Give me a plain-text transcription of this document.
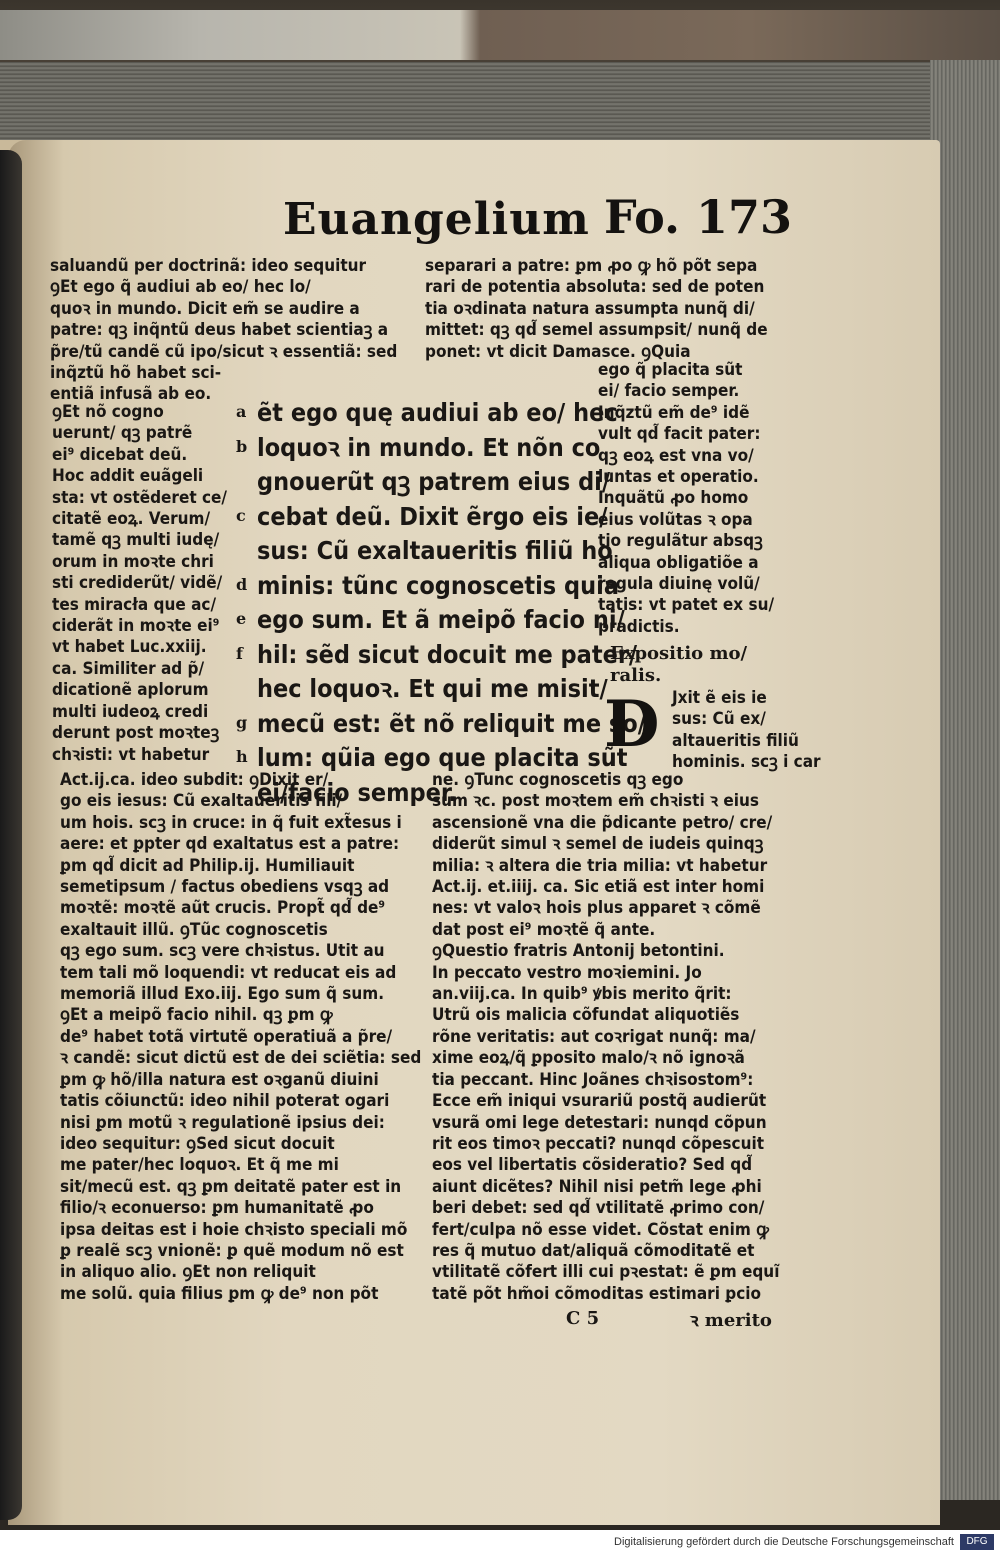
Euangelium Fo. 173
saluandũ per doctrinã: ideo sequitur
ꝯEt ego q̃ audiui ab eo/ hec lo/
quoꝛ in mundo. Dicit em̃ se audire a
patre: qꝫ inq̃ntũ deus habet scientiaꝫ a
p̃re/tũ candẽ cũ ipo/sicut ꝛ essentiã: sed
inq̃ztũ hõ habet sci-
entiã infusã ab eo.
ꝯEt nõ cogno
uerunt/ qꝫ patrẽ
ei⁹ dicebat deũ.
Hoc addit euãgeli
sta: vt ostẽderet ce/
citatẽ eoꝝ. Verum/
tamẽ qꝫ multi iudę/
orum in moꝛte chri
sti crediderũt/ vidẽ/
tes miracła que ac/
ciderãt in moꝛte ei⁹
vt habet Luc.xxiij.
ca. Similiter ad p̃/
dicationẽ aplorum
multi iudeoꝝ credi
derunt post moꝛteꝫ
chꝛisti: vt habetur
Act.ij.ca. ideo subdit: ꝯDixit er/
go eis iesus: Cũ exaltaueritis fili/
um hois. scꝫ in cruce: in q̃ fuit ext̃esus i
aere: et ꝑpter qd exaltatus est a patre:
ꝑm qd̃ dicit ad Philip.ij. Humiliauit
semetipsum / factus obediens vsqꝫ ad
moꝛtẽ: moꝛtẽ aũt crucis. Propt̃ qd̃ de⁹
exaltauit illũ. ꝯTũc cognoscetis
qꝫ ego sum. scꝫ vere chꝛistus. Utit au
tem tali mõ loquendi: vt reducat eis ad
memoriã illud Exo.iij. Ego sum q̃ sum.
ꝯEt a meipõ facio nihil. qꝫ ꝑm ꝙ
de⁹ habet totã virtutẽ operatiuã a p̃re/
ꝛ candẽ: sicut dictũ est de dei sciẽtia: sed
ꝑm ꝙ hõ/illa natura est oꝛganũ diuini
tatis cõiunctũ: ideo nihil poterat ogari
nisi ꝑm motũ ꝛ regulationẽ ipsius dei:
ideo sequitur: ꝯSed sicut docuit
me pater/hec loquoꝛ. Et q̃ me mi
sit/mecũ est. qꝫ ꝑm deitatẽ pater est in
filio/ꝛ econuerso: ꝑm humanitatẽ ꝓo
ipsa deitas est i hoie chꝛisto speciali mõ
ꝑ realẽ scꝫ vnionẽ: ꝑ quẽ modum nõ est
in aliquo alio. ꝯEt non reliquit
me solũ. quia filius ꝑm ꝙ de⁹ non põt
separari a patre: ꝑm ꝓo ꝙ hõ põt sepa
rari de potentia absoluta: sed de poten
tia oꝛdinata natura assumpta nunq̃ di/
mittet: qꝫ qd̃ semel assumpsit/ nunq̃ de
ponet: vt dicit Damasce. ꝯQuia
ẽt ego quę audiui ab eo/ hec
loquoꝛ in mundo. Et nõn co
gnouerũt qꝫ patrem eius di/
cebat deũ. Dixit ẽrgo eis ie/
sus: Cũ exaltaueritis filiũ ho
minis: tũnc cognoscetis quia
ego sum. Et ã meipõ facio ni/
hil: sẽd sicut docuit me pater/
hec loquoꝛ. Et qui me misit/
mecũ est: ẽt nõ reliquit me so/
lum: qũia ego que placita sũt
ei/facio semper.
ego q̃ placita sũt
ei/ facio semper.
Inq̃ztũ em̃ de⁹ idẽ
vult qd̃ facit pater:
qꝫ eoꝝ est vna vo/
luntas et operatio.
Inquãtũ ꝓo homo
eius volũtas ꝛ opa
tio regulãtur absqꝫ
aliqua obligatiõe a
regula diuinę volũ/
tatis: vt patet ex su/
pradictis.
Expositio mo/
ralis.
D Jxit ẽ eis ie
sus: Cũ ex/
altaueritis filiũ
hominis. scꝫ i car
ne. ꝯTunc cognoscetis qꝫ ego
sum ꝛc. post moꝛtem em̃ chꝛisti ꝛ eius
ascensionẽ vna die p̃dicante petro/ cre/
diderũt simul ꝛ semel de iudeis quinqꝫ
milia: ꝛ altera die tria milia: vt habetur
Act.ij. et.iiij. ca. Sic etiã est inter homi
nes: vt valoꝛ hois plus apparet ꝛ cõmẽ
dat post ei⁹ moꝛtẽ q̃ ante.
ꝯQuestio fratris Antonij betontini.
In peccato vestro moꝛiemini. Jo
an.viij.ca. In quib⁹ ꝟbis merito q̃rit:
Utrũ ois malicia cõfundat aliquotiẽs
rõne veritatis: aut coꝛrigat nunq̃: ma/
xime eoꝝ/q̃ ꝑposito malo/ꝛ nõ ignoꝛã
tia peccant. Hinc Joãnes chꝛisostom⁹:
Ecce em̃ iniqui vsurariũ postq̃ audierũt
vsurã omi lege detestari: nunqd cõpun
rit eos timoꝛ peccati? nunqd cõpescuit
eos vel libertatis cõsideratio? Sed qd̃
aiunt dicẽtes? Nihil nisi petm̃ lege ꝓhi
beri debet: sed qd̃ vtilitatẽ ꝓrimo con/
fert/culpa nõ esse videt. Cõstat enim ꝙ
res q̃ mutuo dat/aliquã cõmoditatẽ et
vtilitatẽ cõfert illi cui pꝛestat: ẽ ꝑm equĩ
tatẽ põt hm̃oi cõmoditas estimari ꝑcio
C 5	ꝛ merito
Digitalisierung gefördert durch die Deutsche Forschungsgemeinschaft	DFG
a
b
c
d
e
f
g
h
